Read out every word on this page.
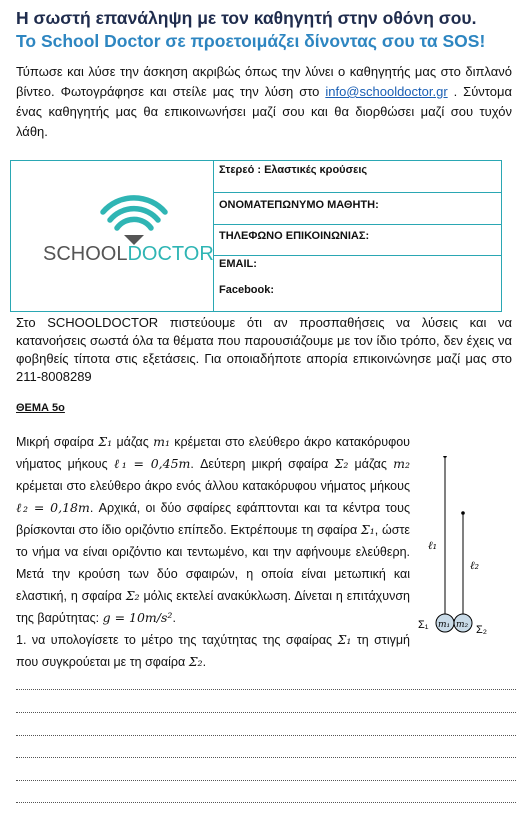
Η σωστή επανάληψη με τον καθηγητή στην οθόνη σου.
Το School Doctor σε προετοιμάζει δίνοντας σου τα SOS!
Τύπωσε και λύσε την άσκηση ακριβώς όπως την λύνει ο καθηγητής μας στο διπλανό βίντεο. Φωτογράφησε και στείλε μας την λύση στο info@schooldoctor.gr . Σύντομα ένας καθηγητής μας θα επικοινωνήσει μαζί σου και θα διορθώσει μαζί σου τυχόν λάθη.
SCHOOLDOCTOR
Στερεό : Ελαστικές κρούσεις
ΟΝΟΜΑΤΕΠΩΝΥΜΟ ΜΑΘΗΤΗ:
ΤΗΛΕΦΩΝΟ ΕΠΙΚΟΙΝΩΝΙΑΣ:
EMAIL:
Facebook:
Στο SCHOOLDOCTOR πιστεύουμε ότι αν προσπαθήσεις να λύσεις και να κατανοήσεις σωστά όλα τα θέματα που παρουσιάζουμε με τον ίδιο τρόπο, δεν έχεις να φοβηθείς τίποτα στις εξετάσεις. Για οποιαδήποτε απορία επικοινώνησε μαζί μας στο 211-8008289
ΘΕΜΑ 5ο
Μικρή σφαίρα Σ₁ μάζας m₁ κρέμεται στο ελεύθερο άκρο κατακόρυφου νήματος μήκους ℓ₁ = 0,45m. Δεύτερη μικρή σφαίρα Σ₂ μάζας m₂ κρέμεται στο ελεύθερο άκρο ενός άλλου κατακόρυφου νήματος μήκους ℓ₂ = 0,18m. Αρχικά, οι δύο σφαίρες εφάπτονται και τα κέντρα τους βρίσκονται στο ίδιο οριζόντιο επίπεδο. Εκτρέπουμε τη σφαίρα Σ₁, ώστε το νήμα να είναι οριζόντιο και τεντωμένο, και την αφήνουμε ελεύθερη. Μετά την κρούση των δύο σφαιρών, η οποία είναι μετωπική και ελαστική, η σφαίρα Σ₂ μόλις εκτελεί ανακύκλωση. Δίνεται η επιτάχυνση της βαρύτητας: g = 10m/s².
1. να υπολογίσετε το μέτρο της ταχύτητας της σφαίρας Σ₁ τη στιγμή που συγκρούεται με τη σφαίρα Σ₂.
ℓ₁
ℓ₂
m₁ m₂
Σ₁	Σ₂
